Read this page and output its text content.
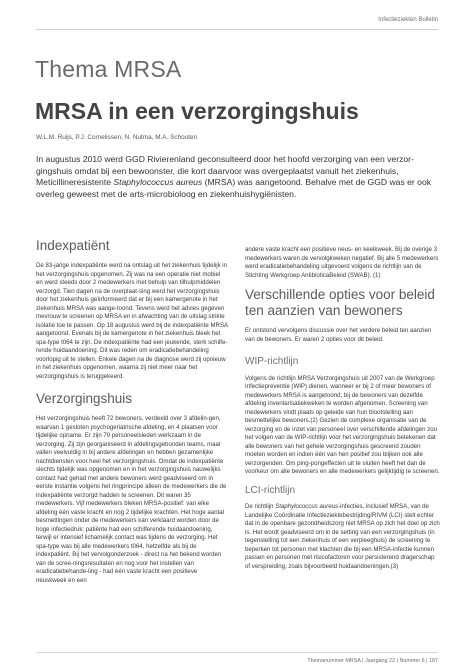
Infectieziekten Bulletin
Thema MRSA
MRSA in een verzorgingshuis
W.L.M. Ruijs, P.J. Cornelissen, N. Nutma, M.A. Schouten
In augustus 2010 werd GGD Rivierenland geconsulteerd door het hoofd verzorging van een verzor-gingshuis omdat bij een bewoonster, die kort daarvoor was overgeplaatst vanuit het ziekenhuis, Meticillineresistente Staphylococcus aureus (MRSA) was aangetoond. Behalve met de GGD was er ook overleg geweest met de arts-microbioloog en ziekenhuishygiënisten.
Indexpatiënt
De 83-jarige indexpatiënte werd na ontslag uit het ziekenhuis tijdelijk in het verzorgingshuis opgenomen. Zij was na een operatie niet mobiel en werd steeds door 2 medewerkers met behulp van tilhulpmiddelen verzorgd. Tien dagen na de overplaat-sing werd het verzorgingshuis door het ziekenhuis geïnformeerd dat er bij een kamergenote in het ziekenhuis MRSA was aange-toond. Tevens werd het advies gegeven mevrouw te screenen op MRSA en in afwachting van de uitslag strikte isolatie toe te passen. Op 18 augustus werd bij de indexpatiënte MRSA aangetoond. Evenals bij de kamergenote in het ziekenhuis bleek het spa-type t064 te zijn. De indexpatiënte had een jeukende, sterk schilfe-rende huidaandoening. Dit was reden om eradicatiebehandeling voorlopig uit te stellen. Enkele dagen na de diagnose werd zij opnieuw in het ziekenhuis opgenomen, waarna zij niet meer naar het verzorgingshuis is teruggekeerd.
Verzorgingshuis
Het verzorgingshuis heeft 72 bewoners, verdeeld over 3 afdelin-gen, waarvan 1 gesloten psychogeriatrische afdeling, en 4 plaatsen voor tijdelijke opname. Er zijn 70 personeelsleden werkzaam in de verzorging. Zij zijn georganiseerd in afdelingsgebonden teams, maar vallen veelvuldig in bij andere afdelingen en hebben gezamenlijke nachtdiensten voor heel het verzorgingshuis. Omdat de indexpatiënte slechts tijdelijk was opgenomen en in het verzorgingshuis nauwelijks contact had gehad met andere bewoners werd geadviseerd om in eerste instantie volgens het ringprincipe alleen de medewerkers die de indexpatiënte verzorgd hadden te screenen. Dit waren 35 medewerkers. Vijf medewerkers bleken MRSA-positief: van elke afdeling één vaste kracht en nog 2 tijdelijke krachten. Het hoge aantal besmettingen onder de medewerkers kan verklaard worden door de hoge infectiedruk: patiënte had een schilferende huidaandoening, terwijl er intensief lichamelijk contact was tijdens de verzorging. Het spa-type was bij alle medewerkers t064, hetzelfde als bij de indexpatiënt. Bij het vervolgonderzoek - direct na het bekend worden van de scree-ningsresultaten en nog voor het instellen van eradicatiebehande-ling - had één vaste kracht een positieve neuskweek en een
andere vaste kracht een positieve neus- en keelkweek. Bij de overige 3 medewerkers waren de vervolgkweken negatief. Bij alle 5 medewerkers werd eradicatiebehandeling uitgevoerd volgens de richtlijn van de Stichting Werkgroep AntibioticaBeleid (SWAB). (1)
Verschillende opties voor beleid ten aanzien van bewoners
Er ontstond vervolgens discussie over het verdere beleid ten aanzien van de bewoners. Er waren 2 opties voor dit beleid.
WIP-richtlijn
Volgens de richtlijn MRSA Verzorgingshuis uit 2007 van de Werkgroep Infectiepreventie (WIP) dienen, wanneer er bij 2 of meer bewoners of medewerkers MRSA is aangetoond, bij de bewoners van dezelfde afdeling inventarisatiekweken te worden afgenomen. Screening van medewerkers vindt plaats op geleide van hun blootstelling aan besmettelijke bewoners.(2) Gezien de complexe organisatie van de verzorging en de inzet van personeel over verschillende afdelingen zou het volgen van de WIP-richtlijn voor het verzorgingshuis betekenen dat alle bewoners van het gehele verzorgingshuis gescreend zouden moeten worden en indien één van hen positief zou blijken ook alle verzorgenden. Om ping-pongeffecten uit te sluiten heeft het dan de voorkeur om alle bewoners en alle medewerkers gelijktijdig te screenen.
LCI-richtlijn
De richtlijn Staphylococcus aureus-infecties, inclusief MRSA, van de Landelijke Coördinatie Infectieziektebestrijding/RIVM (LCI) stelt echter dat in de openbare gezondheidszorg niet MRSA op zich het doel op zich is. Het wordt geadviseerd om in de setting van een verzorgingshuis (in tegenstelling tot een ziekenhuis of een verpleeghuis) de screening te beperken tot personen met klachten die bij een MRSA-infectie kunnen passen en personen met risicofactoren voor persisterend dragerschap of verspreiding, zoals bijvoorbeeld huidaandoeningen.(3)
Themanummer MRSA | Jaargang 22 | Nummer 6 | 187
